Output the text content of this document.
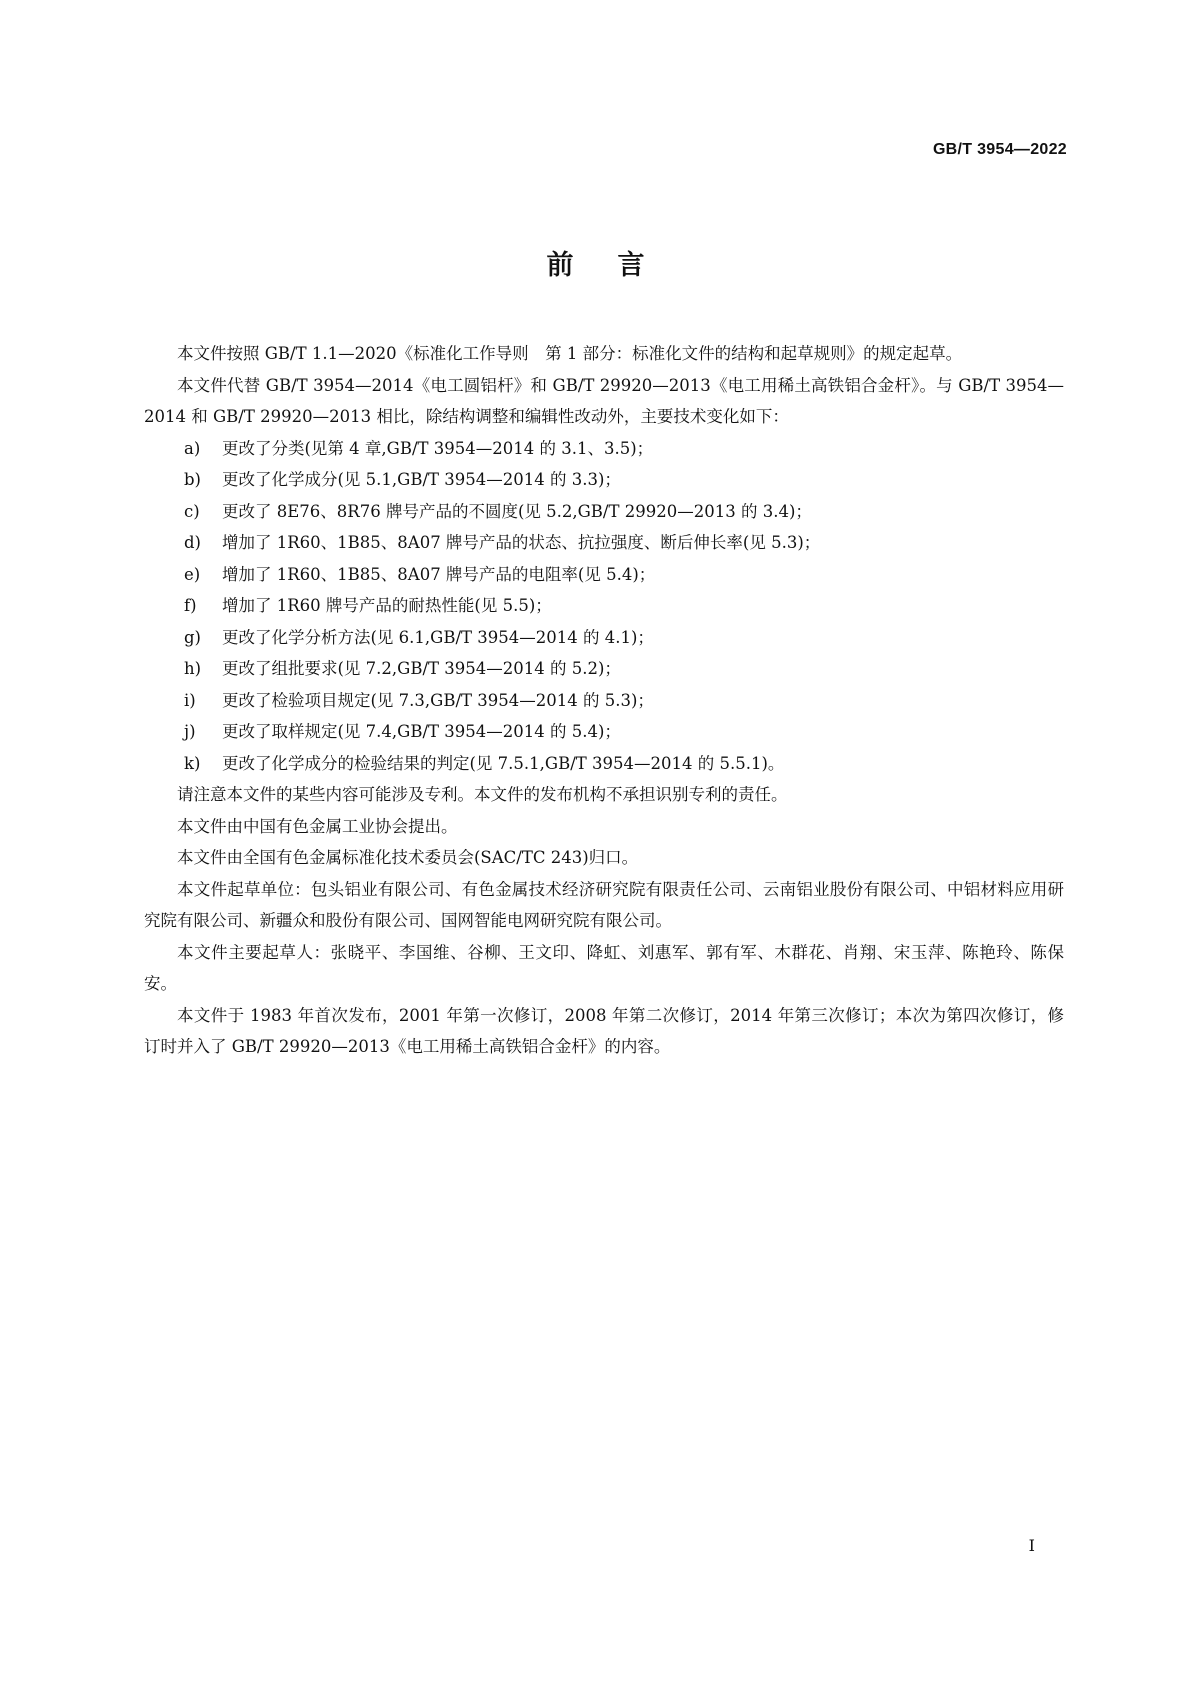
GB/T 3954—2022
前言

本文件按照 GB/T 1.1—2020《标准化工作导则　第 1 部分：标准化文件的结构和起草规则》的规定起草。

本文件代替 GB/T 3954—2014《电工圆铝杆》和 GB/T 29920—2013《电工用稀土高铁铝合金杆》。与 GB/T 3954—2014 和 GB/T 29920—2013 相比，除结构调整和编辑性改动外，主要技术变化如下：

a) 更改了分类(见第 4 章,GB/T 3954—2014 的 3.1、3.5)；
b) 更改了化学成分(见 5.1,GB/T 3954—2014 的 3.3)；
c) 更改了 8E76、8R76 牌号产品的不圆度(见 5.2,GB/T 29920—2013 的 3.4)；
d) 增加了 1R60、1B85、8A07 牌号产品的状态、抗拉强度、断后伸长率(见 5.3)；
e) 增加了 1R60、1B85、8A07 牌号产品的电阻率(见 5.4)；
f) 增加了 1R60 牌号产品的耐热性能(见 5.5)；
g) 更改了化学分析方法(见 6.1,GB/T 3954—2014 的 4.1)；
h) 更改了组批要求(见 7.2,GB/T 3954—2014 的 5.2)；
i) 更改了检验项目规定(见 7.3,GB/T 3954—2014 的 5.3)；
j) 更改了取样规定(见 7.4,GB/T 3954—2014 的 5.4)；
k) 更改了化学成分的检验结果的判定(见 7.5.1,GB/T 3954—2014 的 5.5.1)。

请注意本文件的某些内容可能涉及专利。本文件的发布机构不承担识别专利的责任。

本文件由中国有色金属工业协会提出。

本文件由全国有色金属标准化技术委员会(SAC/TC 243)归口。

本文件起草单位：包头铝业有限公司、有色金属技术经济研究院有限责任公司、云南铝业股份有限公司、中铝材料应用研究院有限公司、新疆众和股份有限公司、国网智能电网研究院有限公司。

本文件主要起草人：张晓平、李国维、谷柳、王文印、降虹、刘惠军、郭有军、木群花、肖翔、宋玉萍、陈艳玲、陈保安。

本文件于 1983 年首次发布，2001 年第一次修订，2008 年第二次修订，2014 年第三次修订；本次为第四次修订，修订时并入了 GB/T 29920—2013《电工用稀土高铁铝合金杆》的内容。

I
